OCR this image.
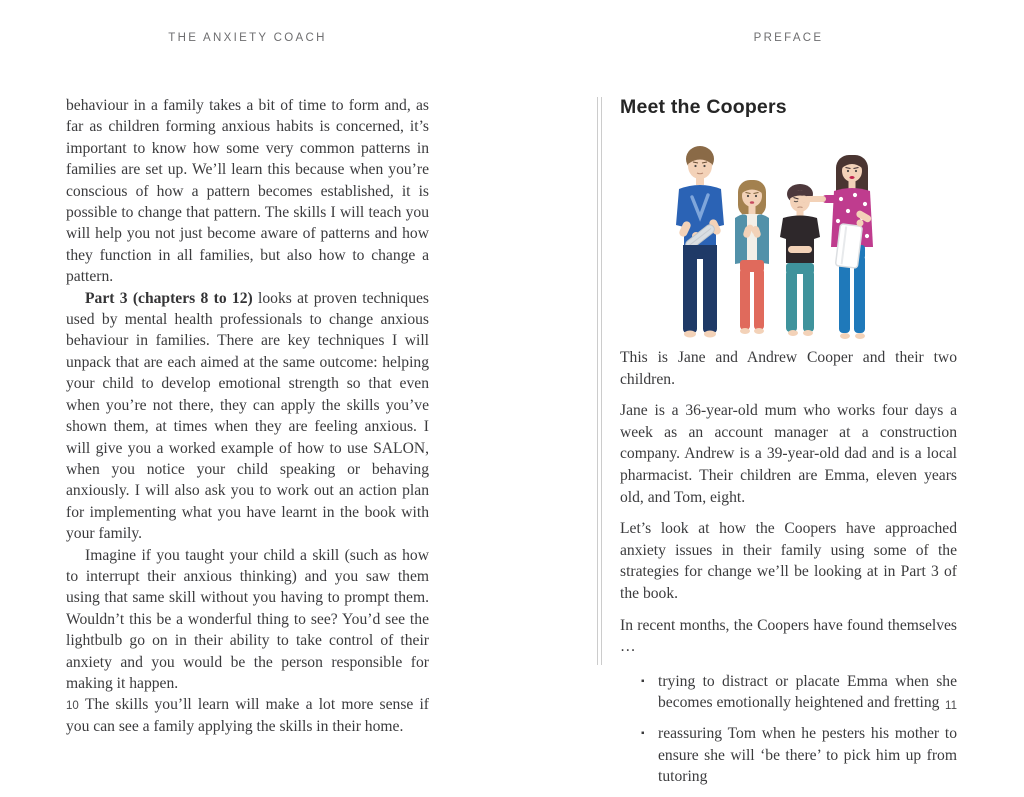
THE ANXIETY COACH

behaviour in a family takes a bit of time to form and, as far as children forming anxious habits is concerned, it’s important to know how some very common patterns in families are set up. We’ll learn this because when you’re conscious of how a pattern becomes established, it is possible to change that pattern. The skills I will teach you will help you not just become aware of patterns and how they function in all families, but also how to change a pattern.

Part 3 (chapters 8 to 12) looks at proven techniques used by mental health professionals to change anxious behaviour in families. There are key techniques I will unpack that are each aimed at the same outcome: helping your child to develop emotional strength so that even when you’re not there, they can apply the skills you’ve shown them, at times when they are feeling anxious. I will give you a worked example of how to use SALON, when you notice your child speaking or behaving anxiously. I will also ask you to work out an action plan for implementing what you have learnt in the book with your family.

Imagine if you taught your child a skill (such as how to interrupt their anxious thinking) and you saw them using that same skill without you having to prompt them. Wouldn’t this be a wonderful thing to see? You’d see the lightbulb go on in their ability to take control of their anxiety and you would be the person responsible for making it happen.

The skills you’ll learn will make a lot more sense if you can see a family applying the skills in their home.

10
PREFACE
Meet the Coopers

This is Jane and Andrew Cooper and their two children.

Jane is a 36-year-old mum who works four days a week as an account manager at a construction company. Andrew is a 39-year-old dad and is a local pharmacist. Their children are Emma, eleven years old, and Tom, eight.

Let’s look at how the Coopers have approached anxiety issues in their family using some of the strategies for change we’ll be looking at in Part 3 of the book.

In recent months, the Coopers have found themselves …

▪ trying to distract or placate Emma when she becomes emotionally heightened and fretting
▪ reassuring Tom when he pesters his mother to ensure she will ‘be there’ to pick him up from tutoring
11
